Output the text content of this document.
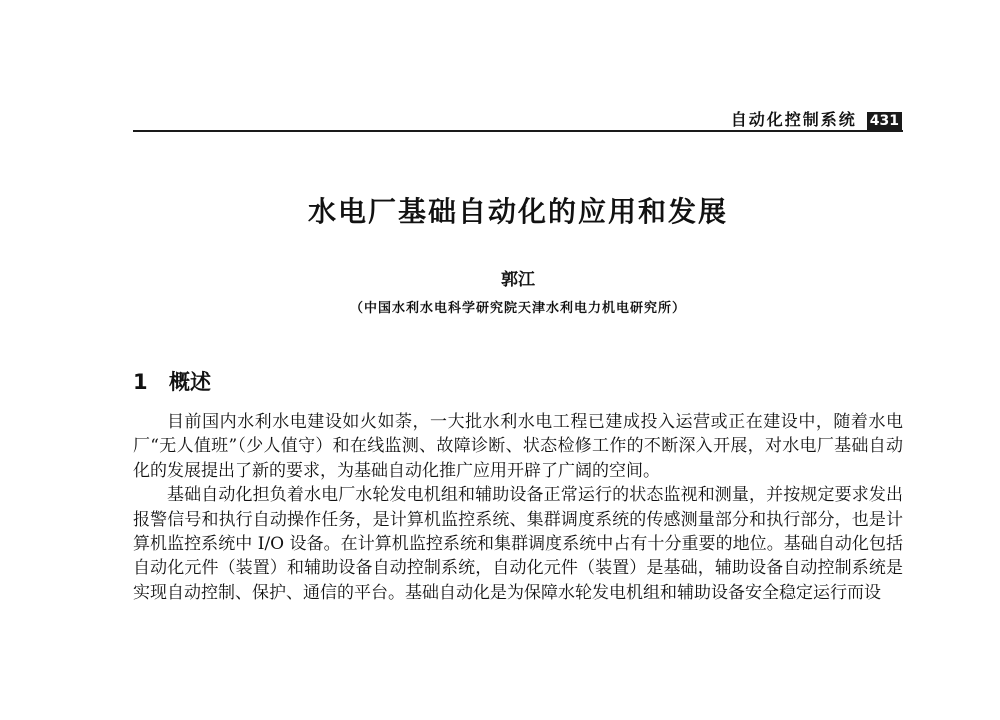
自动化控制系统 431
水电厂基础自动化的应用和发展
郭江
（中国水利水电科学研究院天津水利电力机电研究所）
1 概述

目前国内水利水电建设如火如荼，一大批水利水电工程已建成投入运营或正在建设中，随着水电厂“无人值班”（少人值守）和在线监测、故障诊断、状态检修工作的不断深入开展，对水电厂基础自动化的发展提出了新的要求，为基础自动化推广应用开辟了广阔的空间。

基础自动化担负着水电厂水轮发电机组和辅助设备正常运行的状态监视和测量，并按规定要求发出报警信号和执行自动操作任务，是计算机监控系统、集群调度系统的传感测量部分和执行部分，也是计算机监控系统中 I/O 设备。在计算机监控系统和集群调度系统中占有十分重要的地位。基础自动化包括自动化元件（装置）和辅助设备自动控制系统，自动化元件（装置）是基础，辅助设备自动控制系统是实现自动控制、保护、通信的平台。基础自动化是为保障水轮发电机组和辅助设备安全稳定运行而设
